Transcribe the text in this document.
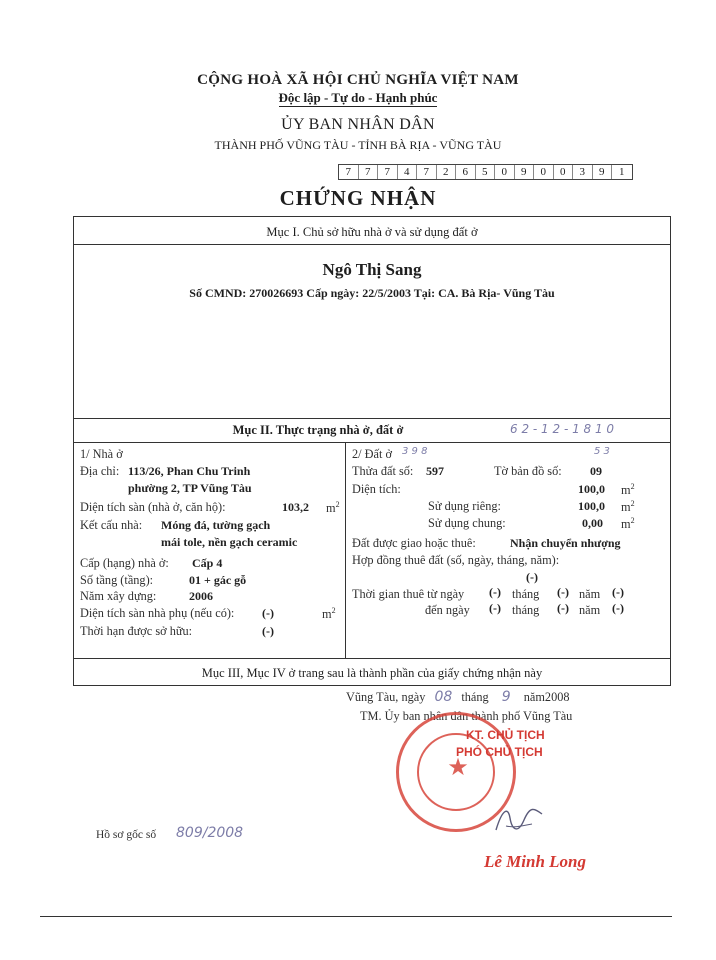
CỘNG HOÀ XÃ HỘI CHỦ NGHĨA VIỆT NAM
Độc lập - Tự do - Hạnh phúc
ỦY BAN NHÂN DÂN
THÀNH PHỐ VŨNG TÀU - TỈNH BÀ RỊA - VŨNG TÀU
7	7	7	4	7	2	6	5	0	9	0	0	3	9	1
CHỨNG NHẬN
Mục I. Chủ sở hữu nhà ở và sử dụng đất ở
Ngô Thị Sang
Số CMND: 270026693 Cấp ngày: 22/5/2003 Tại: CA. Bà Rịa- Vũng Tàu
Mục II. Thực trạng nhà ở, đất ở	6 2 - 1 2 - 1 8 1 0
1/ Nhà ở
Địa chỉ: 113/26, Phan Chu Trinh
phường 2, TP Vũng Tàu
Diện tích sàn (nhà ở, căn hộ):	103,2 $m^2$
Kết cấu nhà: Móng đá, tường gạch
mái tole, nền gạch ceramic
Cấp (hạng) nhà ở: Cấp 4
Số tầng (tầng):	01 + gác gỗ
Năm xây dựng:	2006
Diện tích sàn nhà phụ (nếu có): (-)	$m^2$
Thời hạn được sở hữu:	(-)
2/ Đất ở 3 9 8	5 3
Thửa đất số: 597	Tờ bản đồ số: 09
Diện tích:	100,0 $m^2$
Sử dụng riêng:	100,0 $m^2$
Sử dụng chung:	0,00 $m^2$
Đất được giao hoặc thuê:	Nhận chuyển nhượng
Hợp đồng thuê đất (số, ngày, tháng, năm):
(-)
Thời gian thuê từ ngày (-) tháng (-) năm (-)
đến ngày (-) tháng (-) năm (-)
Mục III, Mục IV ở trang sau là thành phần của giấy chứng nhận này
Vũng Tàu, ngày 08 tháng 9 năm2008
TM. Ủy ban nhân dân thành phố Vũng Tàu
★
KT. CHỦ TỊCH
PHÓ CHỦ TỊCH
Lê Minh Long
Hồ sơ gốc số 809/2008
